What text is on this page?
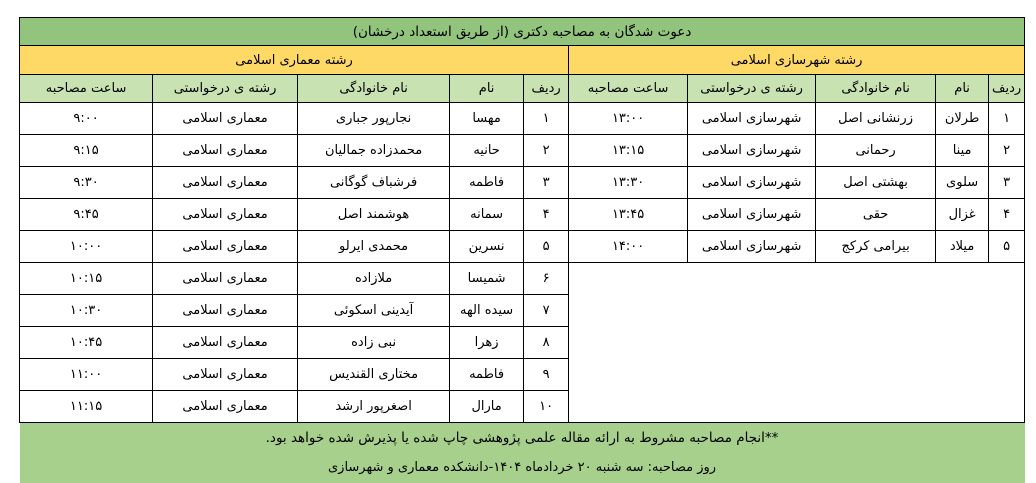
دعوت شدگان به مصاحبه دکتری (از طریق استعداد درخشان)									
رشته شهرسازی اسلامی					رشته معماری اسلامی				
ردیف	نام	نام خانوادگی	رشته ی درخواستی	ساعت مصاحبه	ردیف	نام	نام خانوادگی	رشته ی درخواستی	ساعت مصاحبه
۱	طرلان	زرنشانی اصل	شهرسازی اسلامی	۱۳:۰۰	۱	مهسا	نجارپور جباری	معماری اسلامی	۹:۰۰
۲	مینا	رحمانی	شهرسازی اسلامی	۱۳:۱۵	۲	حانیه	محمدزاده جمالیان	معماری اسلامی	۹:۱۵
۳	سلوی	بهشتی اصل	شهرسازی اسلامی	۱۳:۳۰	۳	فاطمه	فرشباف گوگانی	معماری اسلامی	۹:۳۰
۴	غزال	حقی	شهرسازی اسلامی	۱۳:۴۵	۴	سمانه	هوشمند اصل	معماری اسلامی	۹:۴۵
۵	میلاد	بیرامی کرکج	شهرسازی اسلامی	۱۴:۰۰	۵	نسرین	محمدی ایرلو	معماری اسلامی	۱۰:۰۰
					۶	شمیسا	ملازاده	معماری اسلامی	۱۰:۱۵
					۷	سیده الهه	آیدینی اسکوئی	معماری اسلامی	۱۰:۳۰
					۸	زهرا	نبی زاده	معماری اسلامی	۱۰:۴۵
					۹	فاطمه	مختاری القندیس	معماری اسلامی	۱۱:۰۰
					۱۰	مارال	اصغرپور ارشد	معماری اسلامی	۱۱:۱۵
**انجام مصاحبه مشروط به ارائه مقاله علمی پژوهشی چاپ شده یا پذیرش شده خواهد بود.									
روز مصاحبه: سه شنبه ۲۰ خردادماه ۱۴۰۴-دانشکده معماری و شهرسازی									
